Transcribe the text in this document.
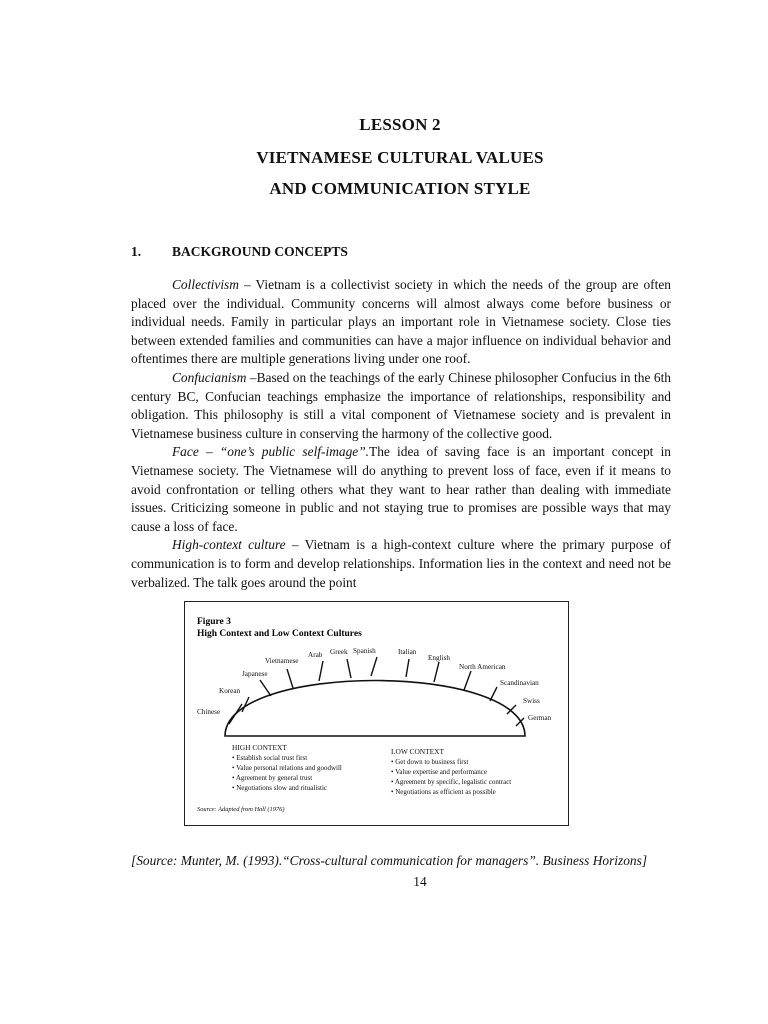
LESSON 2
VIETNAMESE CULTURAL VALUES
AND COMMUNICATION STYLE
1. BACKGROUND CONCEPTS

Collectivism – Vietnam is a collectivist society in which the needs of the group are often placed over the individual. Community concerns will almost always come before business or individual needs. Family in particular plays an important role in Vietnamese society. Close ties between extended families and communities can have a major influence on individual behavior and oftentimes there are multiple generations living under one roof.

Confucianism –Based on the teachings of the early Chinese philosopher Confucius in the 6th century BC, Confucian teachings emphasize the importance of relationships, responsibility and obligation. This philosophy is still a vital component of Vietnamese society and is prevalent in Vietnamese business culture in conserving the harmony of the collective good.

Face – “one’s public self-image”.The idea of saving face is an important concept in Vietnamese society. The Vietnamese will do anything to prevent loss of face, even if it means to avoid confrontation or telling others what they want to hear rather than dealing with immediate issues. Criticizing someone in public and not staying true to promises are possible ways that may cause a loss of face.

High-context culture – Vietnam is a high-context culture where the primary purpose of communication is to form and develop relationships. Information lies in the context and need not be verbalized. The talk goes around the point

Figure 3
High Context and Low Context Cultures
Chinese
Korean
Japanese
Vietnamese
Arab Greek Spanish	Italian
English
North American
Scandinavian
Swiss
German
HIGH CONTEXT
• Establish social trust first
• Value personal relations and goodwill
• Agreement by general trust
• Negotiations slow and ritualistic
LOW CONTEXT
• Get down to business first
• Value expertise and performance
• Agreement by specific, legalistic contract
• Negotiations as efficient as possible
Source: Adapted from Hall (1976)
[Source: Munter, M. (1993).“Cross-cultural communication for managers”. Business Horizons]
14
